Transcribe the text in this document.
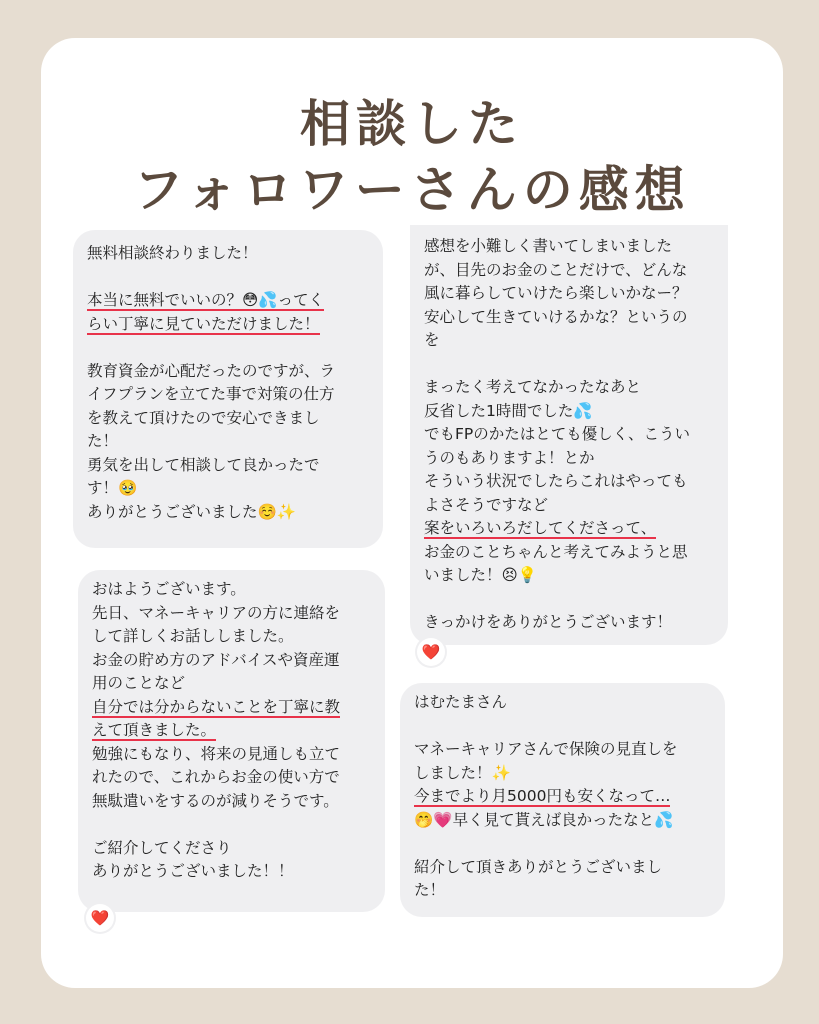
相談した
フォロワーさんの感想
無料相談終わりました！
本当に無料でいいの？😳💦ってく
らい丁寧に見ていただけました！
教育資金が心配だったのですが、ラ
イフプランを立てた事で対策の仕方
を教えて頂けたので安心できまし
た！
勇気を出して相談して良かったで
す！🥹
ありがとうございました☺️✨
おはようございます。
先日、マネーキャリアの方に連絡を
して詳しくお話ししました。
お金の貯め方のアドバイスや資産運
用のことなど
自分では分からないことを丁寧に教
えて頂きました。
勉強にもなり、将来の見通しも立て
れたので、これからお金の使い方で
無駄遣いをするのが減りそうです。
ご紹介してくださり
ありがとうございました！！
❤️
感想を小難しく書いてしまいました
が、目先のお金のことだけで、どんな
風に暮らしていけたら楽しいかなー？
安心して生きていけるかな？というの
を
まったく考えてなかったなあと
反省した1時間でした💦
でもFPのかたはとても優しく、こうい
うのもありますよ！とか
そういう状況でしたらこれはやっても
よさそうですなど
案をいろいろだしてくださって、
お金のことちゃんと考えてみようと思
いました！😣💡
きっかけをありがとうございます！
❤️
はむたまさん
マネーキャリアさんで保険の見直しを
しました！✨
今までより月5000円も安くなって…
🤭💗早く見て貰えば良かったなと💦
紹介して頂きありがとうございまし
た！
